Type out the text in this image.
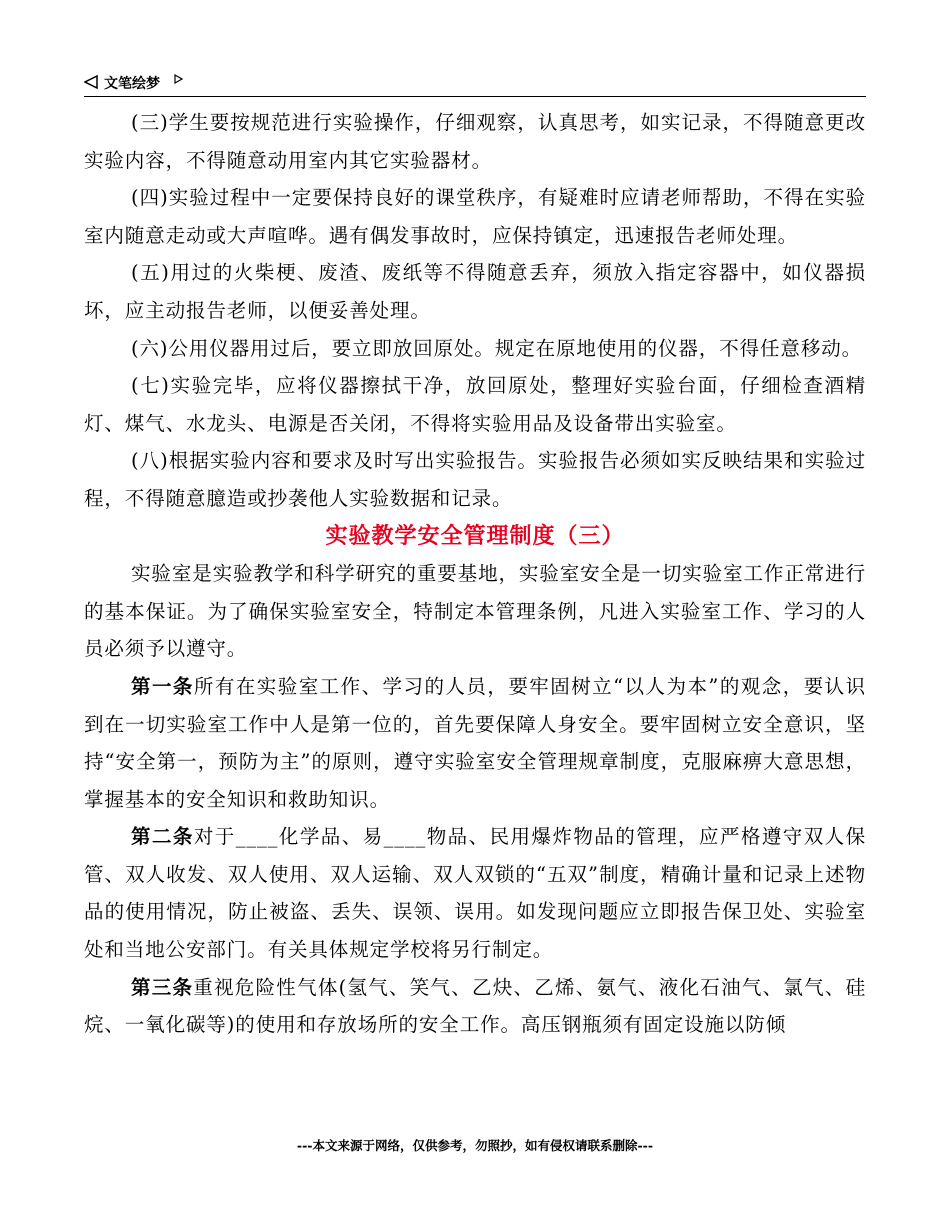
文笔绘梦

(三)学生要按规范进行实验操作，仔细观察，认真思考，如实记录，不得随意更改实验内容，不得随意动用室内其它实验器材。

(四)实验过程中一定要保持良好的课堂秩序，有疑难时应请老师帮助，不得在实验室内随意走动或大声喧哗。遇有偶发事故时，应保持镇定，迅速报告老师处理。

(五)用过的火柴梗、废渣、废纸等不得随意丢弃，须放入指定容器中，如仪器损坏，应主动报告老师，以便妥善处理。

(六)公用仪器用过后，要立即放回原处。规定在原地使用的仪器，不得任意移动。

(七)实验完毕，应将仪器擦拭干净，放回原处，整理好实验台面，仔细检查酒精灯、煤气、水龙头、电源是否关闭，不得将实验用品及设备带出实验室。

(八)根据实验内容和要求及时写出实验报告。实验报告必须如实反映结果和实验过程，不得随意臆造或抄袭他人实验数据和记录。

实验教学安全管理制度（三）

实验室是实验教学和科学研究的重要基地，实验室安全是一切实验室工作正常进行的基本保证。为了确保实验室安全，特制定本管理条例，凡进入实验室工作、学习的人员必须予以遵守。

第一条所有在实验室工作、学习的人员，要牢固树立“以人为本”的观念，要认识到在一切实验室工作中人是第一位的，首先要保障人身安全。要牢固树立安全意识，坚持“安全第一，预防为主”的原则，遵守实验室安全管理规章制度，克服麻痹大意思想，掌握基本的安全知识和救助知识。

第二条对于____化学品、易____物品、民用爆炸物品的管理，应严格遵守双人保管、双人收发、双人使用、双人运输、双人双锁的“五双”制度，精确计量和记录上述物品的使用情况，防止被盗、丢失、误领、误用。如发现问题应立即报告保卫处、实验室处和当地公安部门。有关具体规定学校将另行制定。

第三条重视危险性气体(氢气、笑气、乙炔、乙烯、氨气、液化石油气、氯气、硅烷、一氧化碳等)的使用和存放场所的安全工作。高压钢瓶须有固定设施以防倾

---本文来源于网络，仅供参考，勿照抄，如有侵权请联系删除---
